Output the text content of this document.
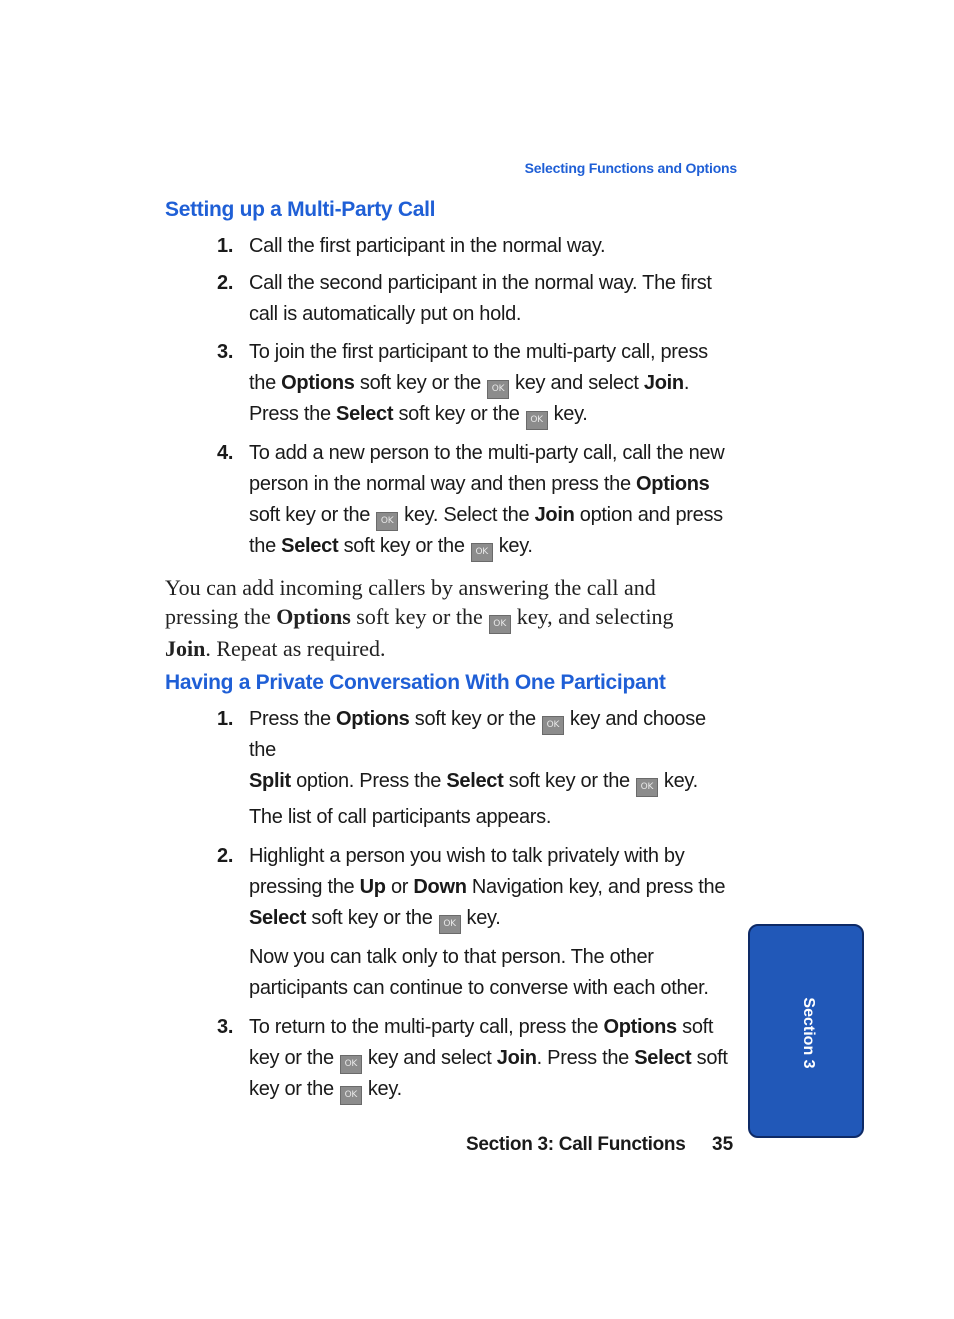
Selecting Functions and Options
Setting up a Multi-Party Call
1. Call the first participant in the normal way.
2. Call the second participant in the normal way. The first
call is automatically put on hold.
3. To join the first participant to the multi-party call, press
the Options soft key or the OK key and select Join.
Press the Select soft key or the OK key.
4. To add a new person to the multi-party call, call the new
person in the normal way and then press the Options
soft key or the OK key. Select the Join option and press
the Select soft key or the OK key.
You can add incoming callers by answering the call and
pressing the Options soft key or the OK key, and selecting
Join. Repeat as required.
Having a Private Conversation With One Participant
1. Press the Options soft key or the OK key and choose the
Split option. Press the Select soft key or the OK key.
The list of call participants appears.
2. Highlight a person you wish to talk privately with by
pressing the Up or Down Navigation key, and press the
Select soft key or the OK key.
Now you can talk only to that person. The other
participants can continue to converse with each other.
3. To return to the multi-party call, press the Options soft
key or the OK key and select Join. Press the Select soft
key or the OK key.
Section 3
Section 3: Call Functions 35
